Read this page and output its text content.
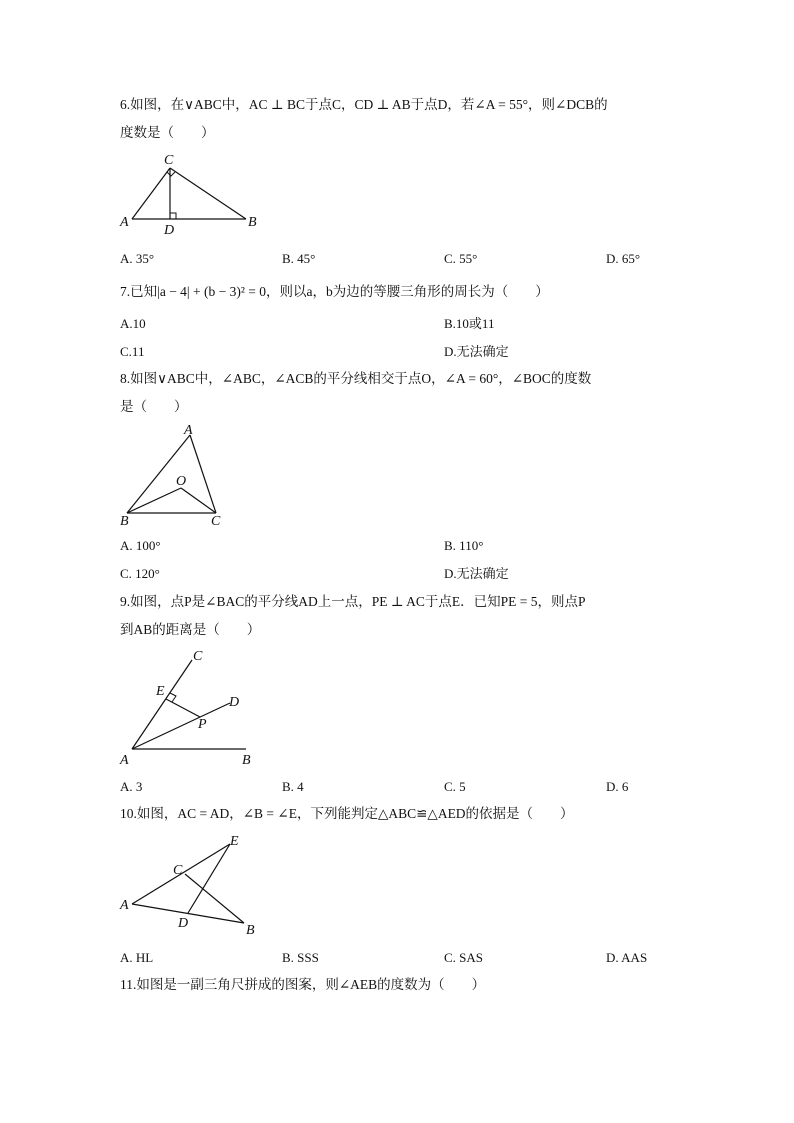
6.如图，在∨ABC中，AC ⊥ BC于点C，CD ⊥ AB于点D，若∠A = 55°，则∠DCB的
度数是（　　）
C
A	B
D
A. 35°	B. 45°	C. 55°	D. 65°
7.已知|a − 4| + (b − 3)² = 0，则以a，b为边的等腰三角形的周长为（　　）
A.10	B.10或11
C.11	D.无法确定
8.如图∨ABC中，∠ABC，∠ACB的平分线相交于点O，∠A = 60°，∠BOC的度数
是（　　）
A
O
B	C
A. 100°	B. 110°
C. 120°	D.无法确定
9.如图，点P是∠BAC的平分线AD上一点，PE ⊥ AC于点E．已知PE = 5，则点P
到AB的距离是（　　）
C
E
D
P
A	B
A. 3	B. 4	C. 5	D. 6
10.如图，AC = AD，∠B = ∠E，下列能判定△ABC≌△AED的依据是（　　）
E
C
A
D	B
A. HL	B. SSS	C. SAS	D. AAS
11.如图是一副三角尺拼成的图案，则∠AEB的度数为（　　）
